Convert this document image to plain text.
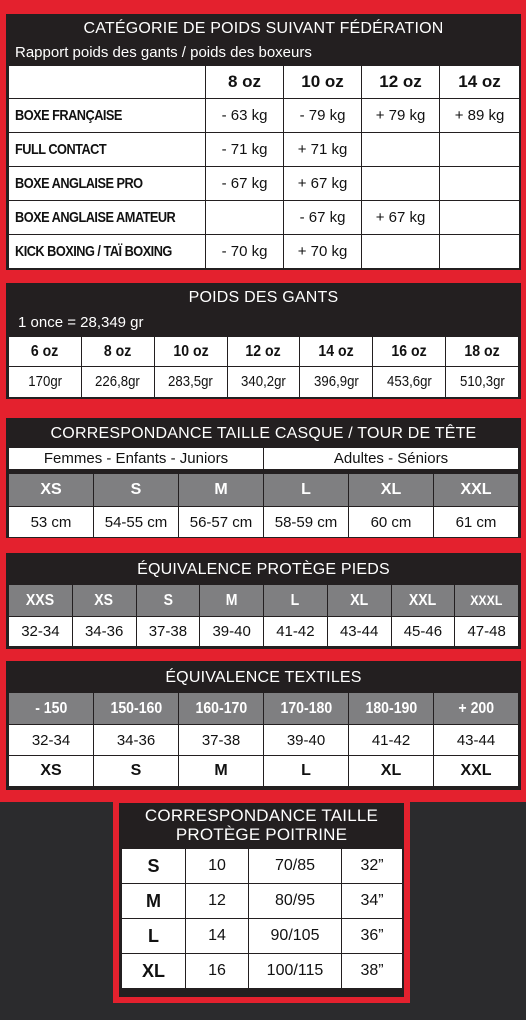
CATÉGORIE DE POIDS SUIVANT FÉDÉRATION
Rapport poids des gants / poids des boxeurs
	8 oz	10 oz	12 oz	14 oz
BOXE FRANÇAISE	- 63 kg	- 79 kg	+ 79 kg	+ 89 kg
FULL CONTACT	- 71 kg	+ 71 kg		
BOXE ANGLAISE PRO	- 67 kg	+ 67 kg		
BOXE ANGLAISE AMATEUR		- 67 kg	+ 67 kg	
KICK BOXING / TAÏ BOXING	- 70 kg	+ 70 kg		
POIDS DES GANTS
1 once = 28,349 gr
6 oz	8 oz	10 oz	12 oz	14 oz	16 oz	18 oz
170gr	226,8gr	283,5gr	340,2gr	396,9gr	453,6gr	510,3gr
CORRESPONDANCE TAILLE CASQUE / TOUR DE TÊTE
Femmes - Enfants - Juniors	Adultes - Séniors
XS	S	M	L	XL	XXL
53 cm	54-55 cm	56-57 cm	58-59 cm	60 cm	61 cm
ÉQUIVALENCE PROTÈGE PIEDS
XXS	XS	S	M	L	XL	XXL	XXXL
32-34	34-36	37-38	39-40	41-42	43-44	45-46	47-48
ÉQUIVALENCE TEXTILES
- 150	150-160	160-170	170-180	180-190	+ 200
32-34	34-36	37-38	39-40	41-42	43-44
XS	S	M	L	XL	XXL
CORRESPONDANCE TAILLE
PROTÈGE POITRINE
S	10	70/85	32”
M	12	80/95	34”
L	14	90/105	36”
XL	16	100/115	38”
